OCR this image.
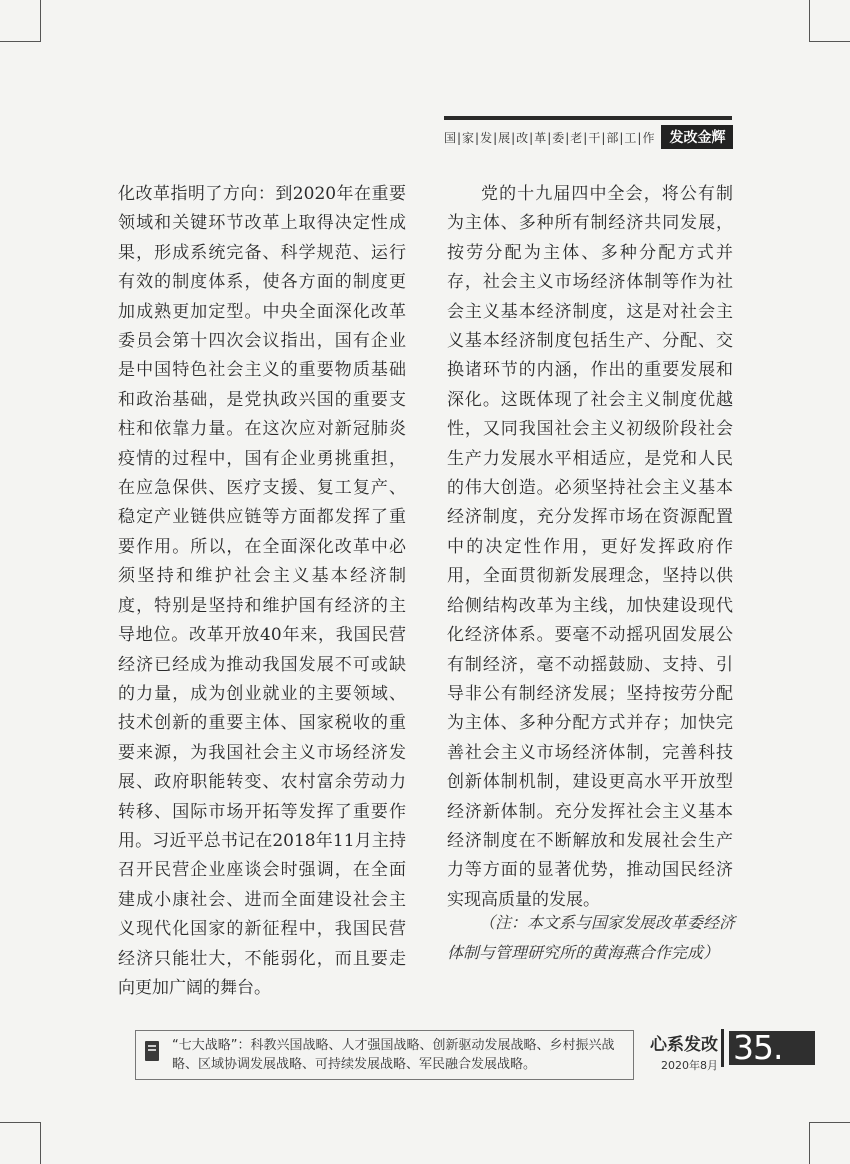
国|家|发|展|改|革|委|老|干|部|工|作	发改金辉

化改革指明了方向：到2020年在重要领域和关键环节改革上取得决定性成果，形成系统完备、科学规范、运行有效的制度体系，使各方面的制度更加成熟更加定型。中央全面深化改革委员会第十四次会议指出，国有企业是中国特色社会主义的重要物质基础和政治基础，是党执政兴国的重要支柱和依靠力量。在这次应对新冠肺炎疫情的过程中，国有企业勇挑重担，在应急保供、医疗支援、复工复产、稳定产业链供应链等方面都发挥了重要作用。所以，在全面深化改革中必须坚持和维护社会主义基本经济制度，特别是坚持和维护国有经济的主导地位。改革开放40年来，我国民营经济已经成为推动我国发展不可或缺的力量，成为创业就业的主要领域、技术创新的重要主体、国家税收的重要来源，为我国社会主义市场经济发展、政府职能转变、农村富余劳动力转移、国际市场开拓等发挥了重要作用。习近平总书记在2018年11月主持召开民营企业座谈会时强调，在全面建成小康社会、进而全面建设社会主义现代化国家的新征程中，我国民营经济只能壮大，不能弱化，而且要走向更加广阔的舞台。

党的十九届四中全会，将公有制为主体、多种所有制经济共同发展，按劳分配为主体、多种分配方式并存，社会主义市场经济体制等作为社会主义基本经济制度，这是对社会主义基本经济制度包括生产、分配、交换诸环节的内涵，作出的重要发展和深化。这既体现了社会主义制度优越性，又同我国社会主义初级阶段社会生产力发展水平相适应，是党和人民的伟大创造。必须坚持社会主义基本经济制度，充分发挥市场在资源配置中的决定性作用，更好发挥政府作用，全面贯彻新发展理念，坚持以供给侧结构改革为主线，加快建设现代化经济体系。要毫不动摇巩固发展公有制经济，毫不动摇鼓励、支持、引导非公有制经济发展；坚持按劳分配为主体、多种分配方式并存；加快完善社会主义市场经济体制，完善科技创新体制机制，建设更高水平开放型经济新体制。充分发挥社会主义基本经济制度在不断解放和发展社会生产力等方面的显著优势，推动国民经济实现高质量的发展。

（注：本文系与国家发展改革委经济体制与管理研究所的黄海燕合作完成）
“七大战略”：科教兴国战略、人才强国战略、创新驱动发展战略、乡村振兴战略、区域协调发展战略、可持续发展战略、军民融合发展战略。
心系发改
2020年8月 35.
